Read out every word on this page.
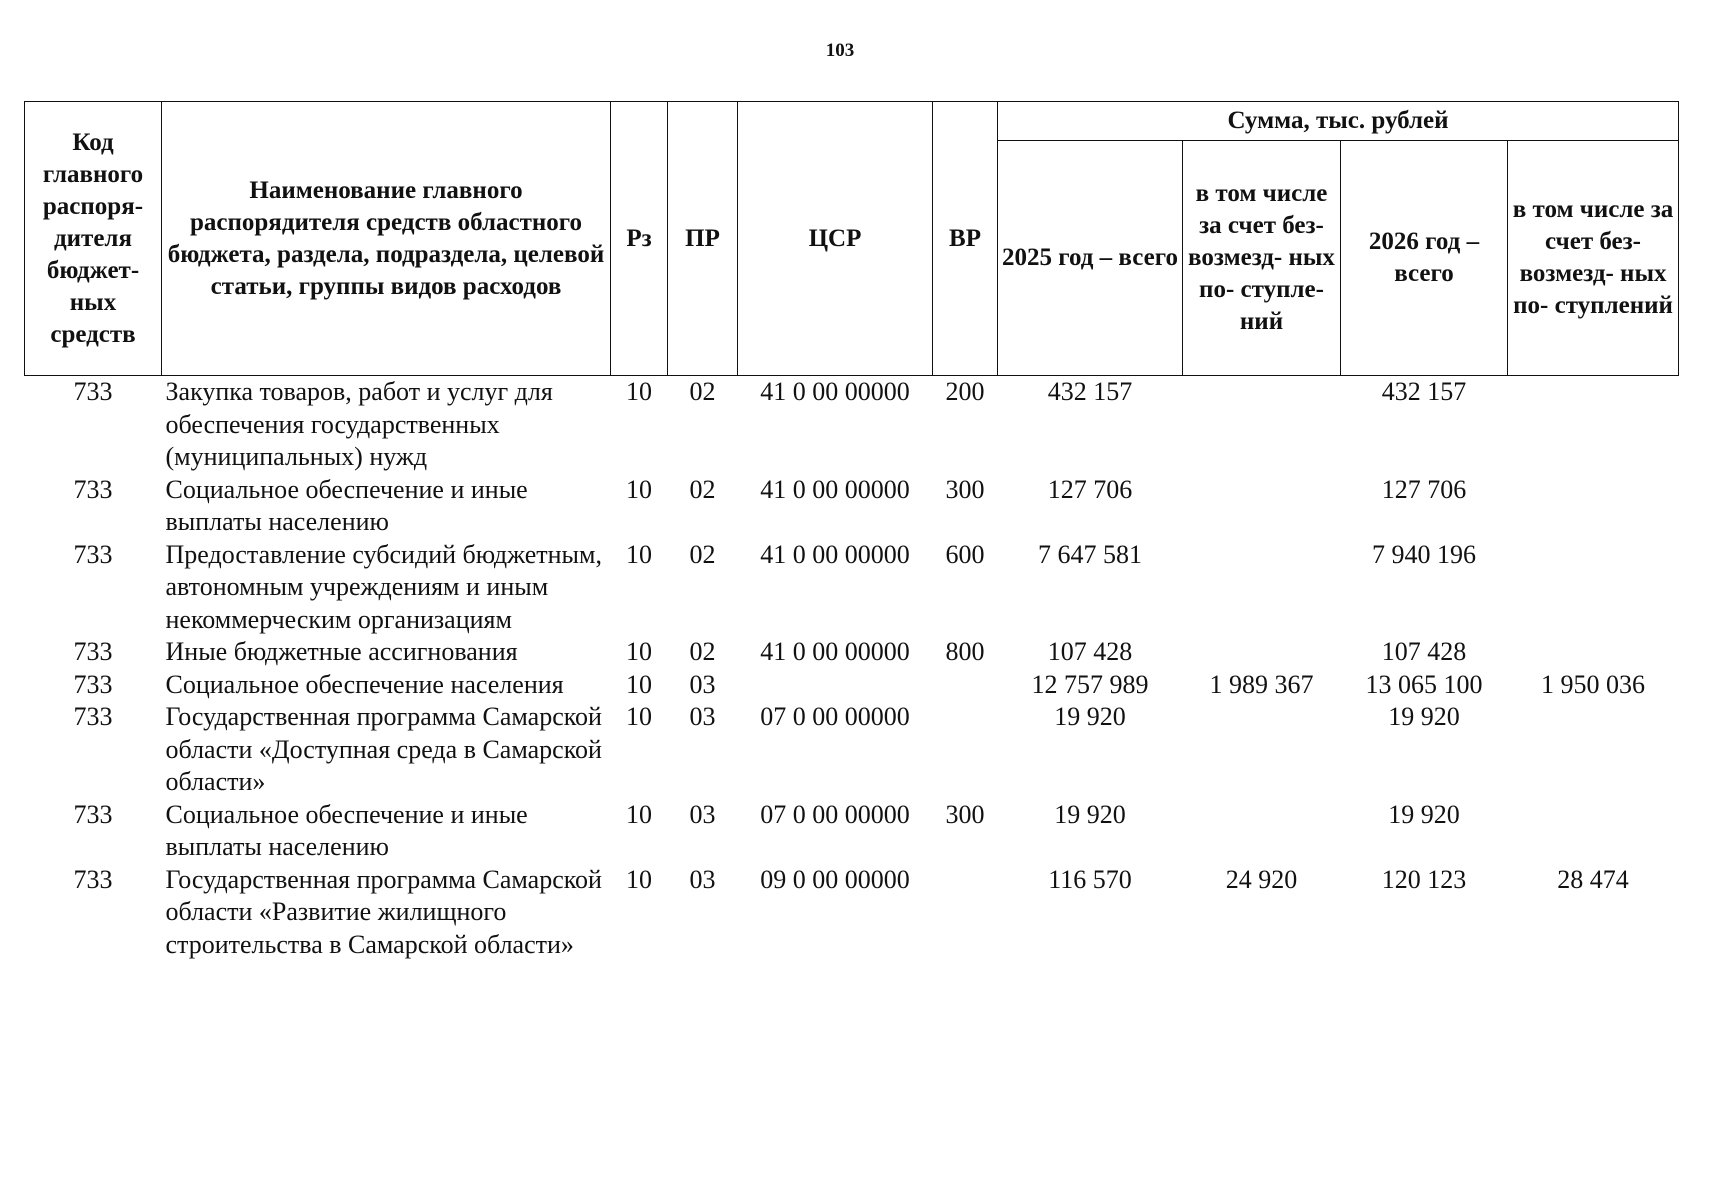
103
Код главного распоря- дителя бюджет- ных средств	Наименование главного распорядителя средств областного бюджета, раздела, подраздела, целевой статьи, группы видов расходов	Рз	ПР	ЦСР	ВР	Сумма, тыс. рублей			
						2025 год – всего	в том числе за счет без- возмезд- ных по- ступле- ний	2026 год – всего	в том числе за счет без- возмезд- ных по- ступлений
733	Закупка товаров, работ и услуг для обеспечения государственных (муниципальных) нужд	10	02	41 0 00 00000	200	432 157		432 157	
733	Социальное обеспечение и иные выплаты населению	10	02	41 0 00 00000	300	127 706		127 706	
733	Предоставление субсидий бюджетным, автономным учреждениям и иным некоммерческим организациям	10	02	41 0 00 00000	600	7 647 581		7 940 196	
733	Иные бюджетные ассигнования	10	02	41 0 00 00000	800	107 428		107 428	
733	Социальное обеспечение населения	10	03			12 757 989	1 989 367	13 065 100	1 950 036
733	Государственная программа Самарской области «Доступная среда в Самарской области»	10	03	07 0 00 00000		19 920		19 920	
733	Социальное обеспечение и иные выплаты населению	10	03	07 0 00 00000	300	19 920		19 920	
733	Государственная программа Самарской области «Развитие жилищного строительства в Самарской области»	10	03	09 0 00 00000		116 570	24 920	120 123	28 474
